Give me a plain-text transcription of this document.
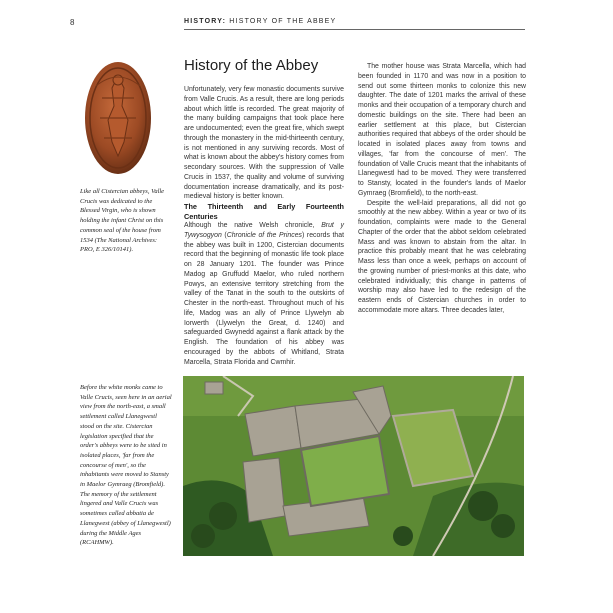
8	HISTORY: HISTORY OF THE ABBEY
Like all Cistercian abbeys, Valle Crucis was dedicated to the Blessed Virgin, who is shown holding the infant Christ on this common seal of the house from 1534 (The National Archives: PRO, E 326/10141).
Before the white monks came to Valle Crucis, seen here in an aerial view from the north-east, a small settlement called Llanegwestl stood on the site. Cistercian legislation specified that the order's abbeys were to be sited in isolated places, 'far from the concourse of men', so the inhabitants were moved to Stansty in Maelor Gymraeg (Bromfield). The memory of the settlement lingered and Valle Crucis was sometimes called abbatia de Llanegwest (abbey of Llanegwestl) during the Middle Ages (RCAHMW).
History of the Abbey

Unfortunately, very few monastic documents survive from Valle Crucis. As a result, there are long periods about which little is recorded. The great majority of the many building campaigns that took place here are undocumented; even the great fire, which swept through the monastery in the mid-thirteenth century, is not mentioned in any surviving records. Most of what is known about the abbey's history comes from secondary sources. With the suppression of Valle Crucis in 1537, the quality and volume of surviving documentation increase dramatically, and its post-medieval history is better known.

The Thirteenth and Early Fourteenth Centuries

Although the native Welsh chronicle, Brut y Tywysogyon (Chronicle of the Princes) records that the abbey was built in 1200, Cistercian documents record that the beginning of monastic life took place on 28 January 1201. The founder was Prince Madog ap Gruffudd Maelor, who ruled northern Powys, an extensive territory stretching from the valley of the Tanat in the south to the outskirts of Chester in the north-east. Throughout much of his life, Madog was an ally of Prince Llywelyn ab Iorwerth (Llywelyn the Great, d. 1240) and safeguarded Gwynedd against a flank attack by the English. The foundation of his abbey was encouraged by the abbots of Whitland, Strata Marcella, Strata Florida and Cwmhir.

The mother house was Strata Marcella, which had been founded in 1170 and was now in a position to send out some thirteen monks to colonize this new daughter. The date of 1201 marks the arrival of these monks and their occupation of a temporary church and domestic buildings on the site. There had been an earlier settlement at this place, but Cistercian authorities required that abbeys of the order should be located in isolated places away from towns and villages, 'far from the concourse of men'. The foundation of Valle Crucis meant that the inhabitants of Llanegwestl had to be moved. They were transferred to Stansty, located in the founder's lands of Maelor Gymraeg (Bromfield), to the north-east.

Despite the well-laid preparations, all did not go smoothly at the new abbey. Within a year or two of its foundation, complaints were made to the General Chapter of the order that the abbot seldom celebrated Mass and was known to abstain from the altar. In practice this probably meant that he was celebrating Mass less than once a week, perhaps on account of the growing number of priest-monks at this date, who celebrated individually; this change in patterns of worship may also have led to the redesign of the eastern ends of Cistercian churches in order to accommodate more altars. Three decades later,
